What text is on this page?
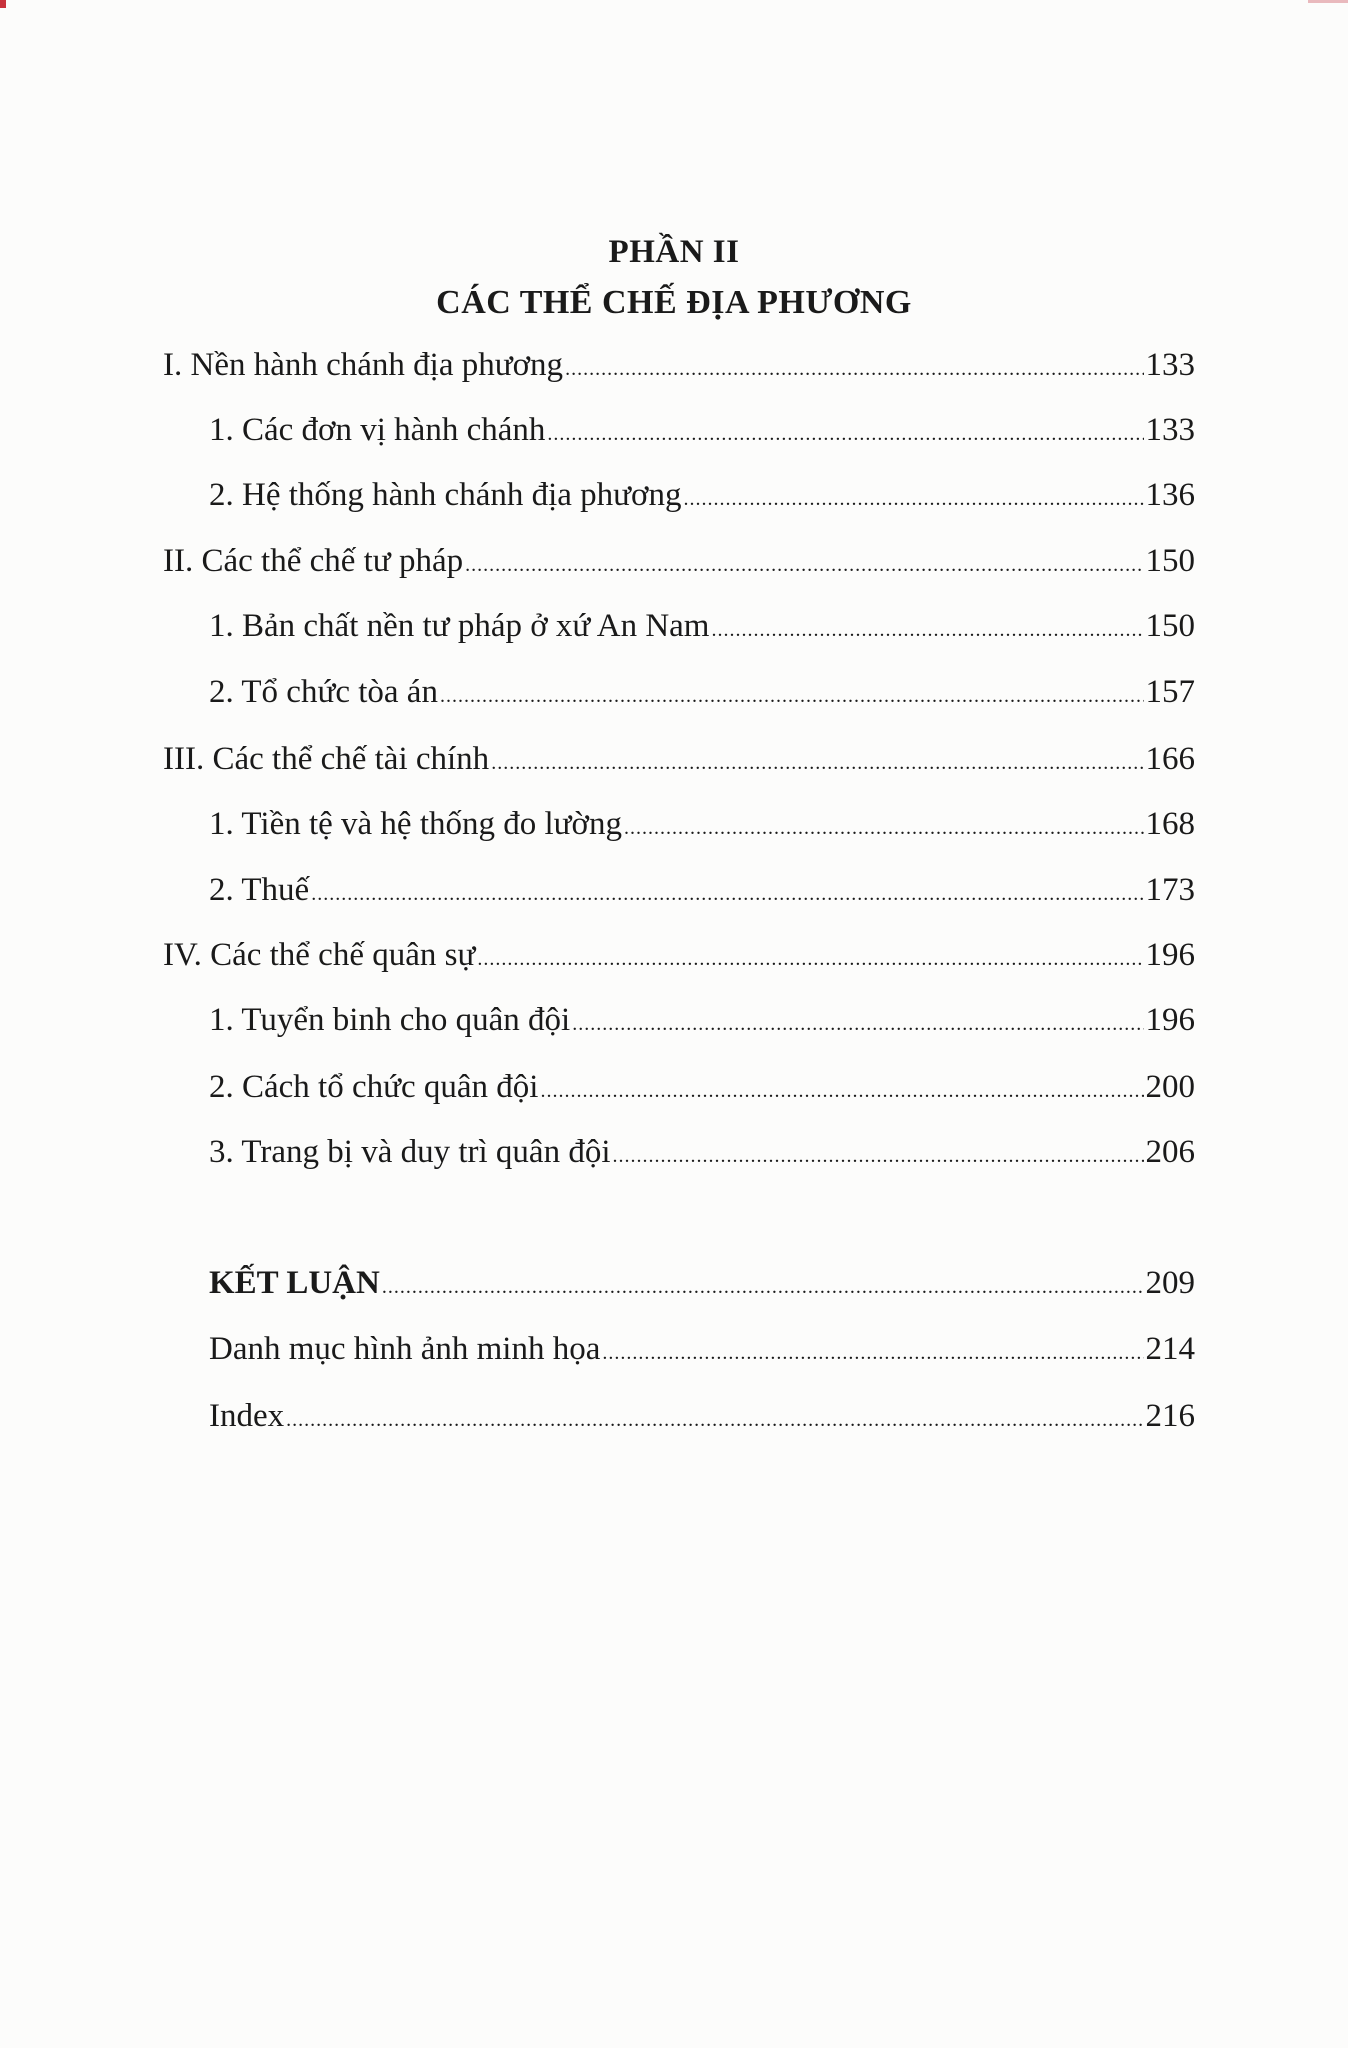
PHẦN II
CÁC THỂ CHẾ ĐỊA PHƯƠNG
I. Nền hành chánh địa phương .....	133
1. Các đơn vị hành chánh .....	133
2. Hệ thống hành chánh địa phương .....	136
II. Các thể chế tư pháp .....	150
1. Bản chất nền tư pháp ở xứ An Nam .....	150
2. Tổ chức tòa án .....	157
III. Các thể chế tài chính .....	166
1. Tiền tệ và hệ thống đo lường .....	168
2. Thuế .....	173
IV. Các thể chế quân sự .....	196
1. Tuyển binh cho quân đội .....	196
2. Cách tổ chức quân đội .....	200
3. Trang bị và duy trì quân đội .....	206
KẾT LUẬN .....	209
Danh mục hình ảnh minh họa .....	214
Index .....	216
